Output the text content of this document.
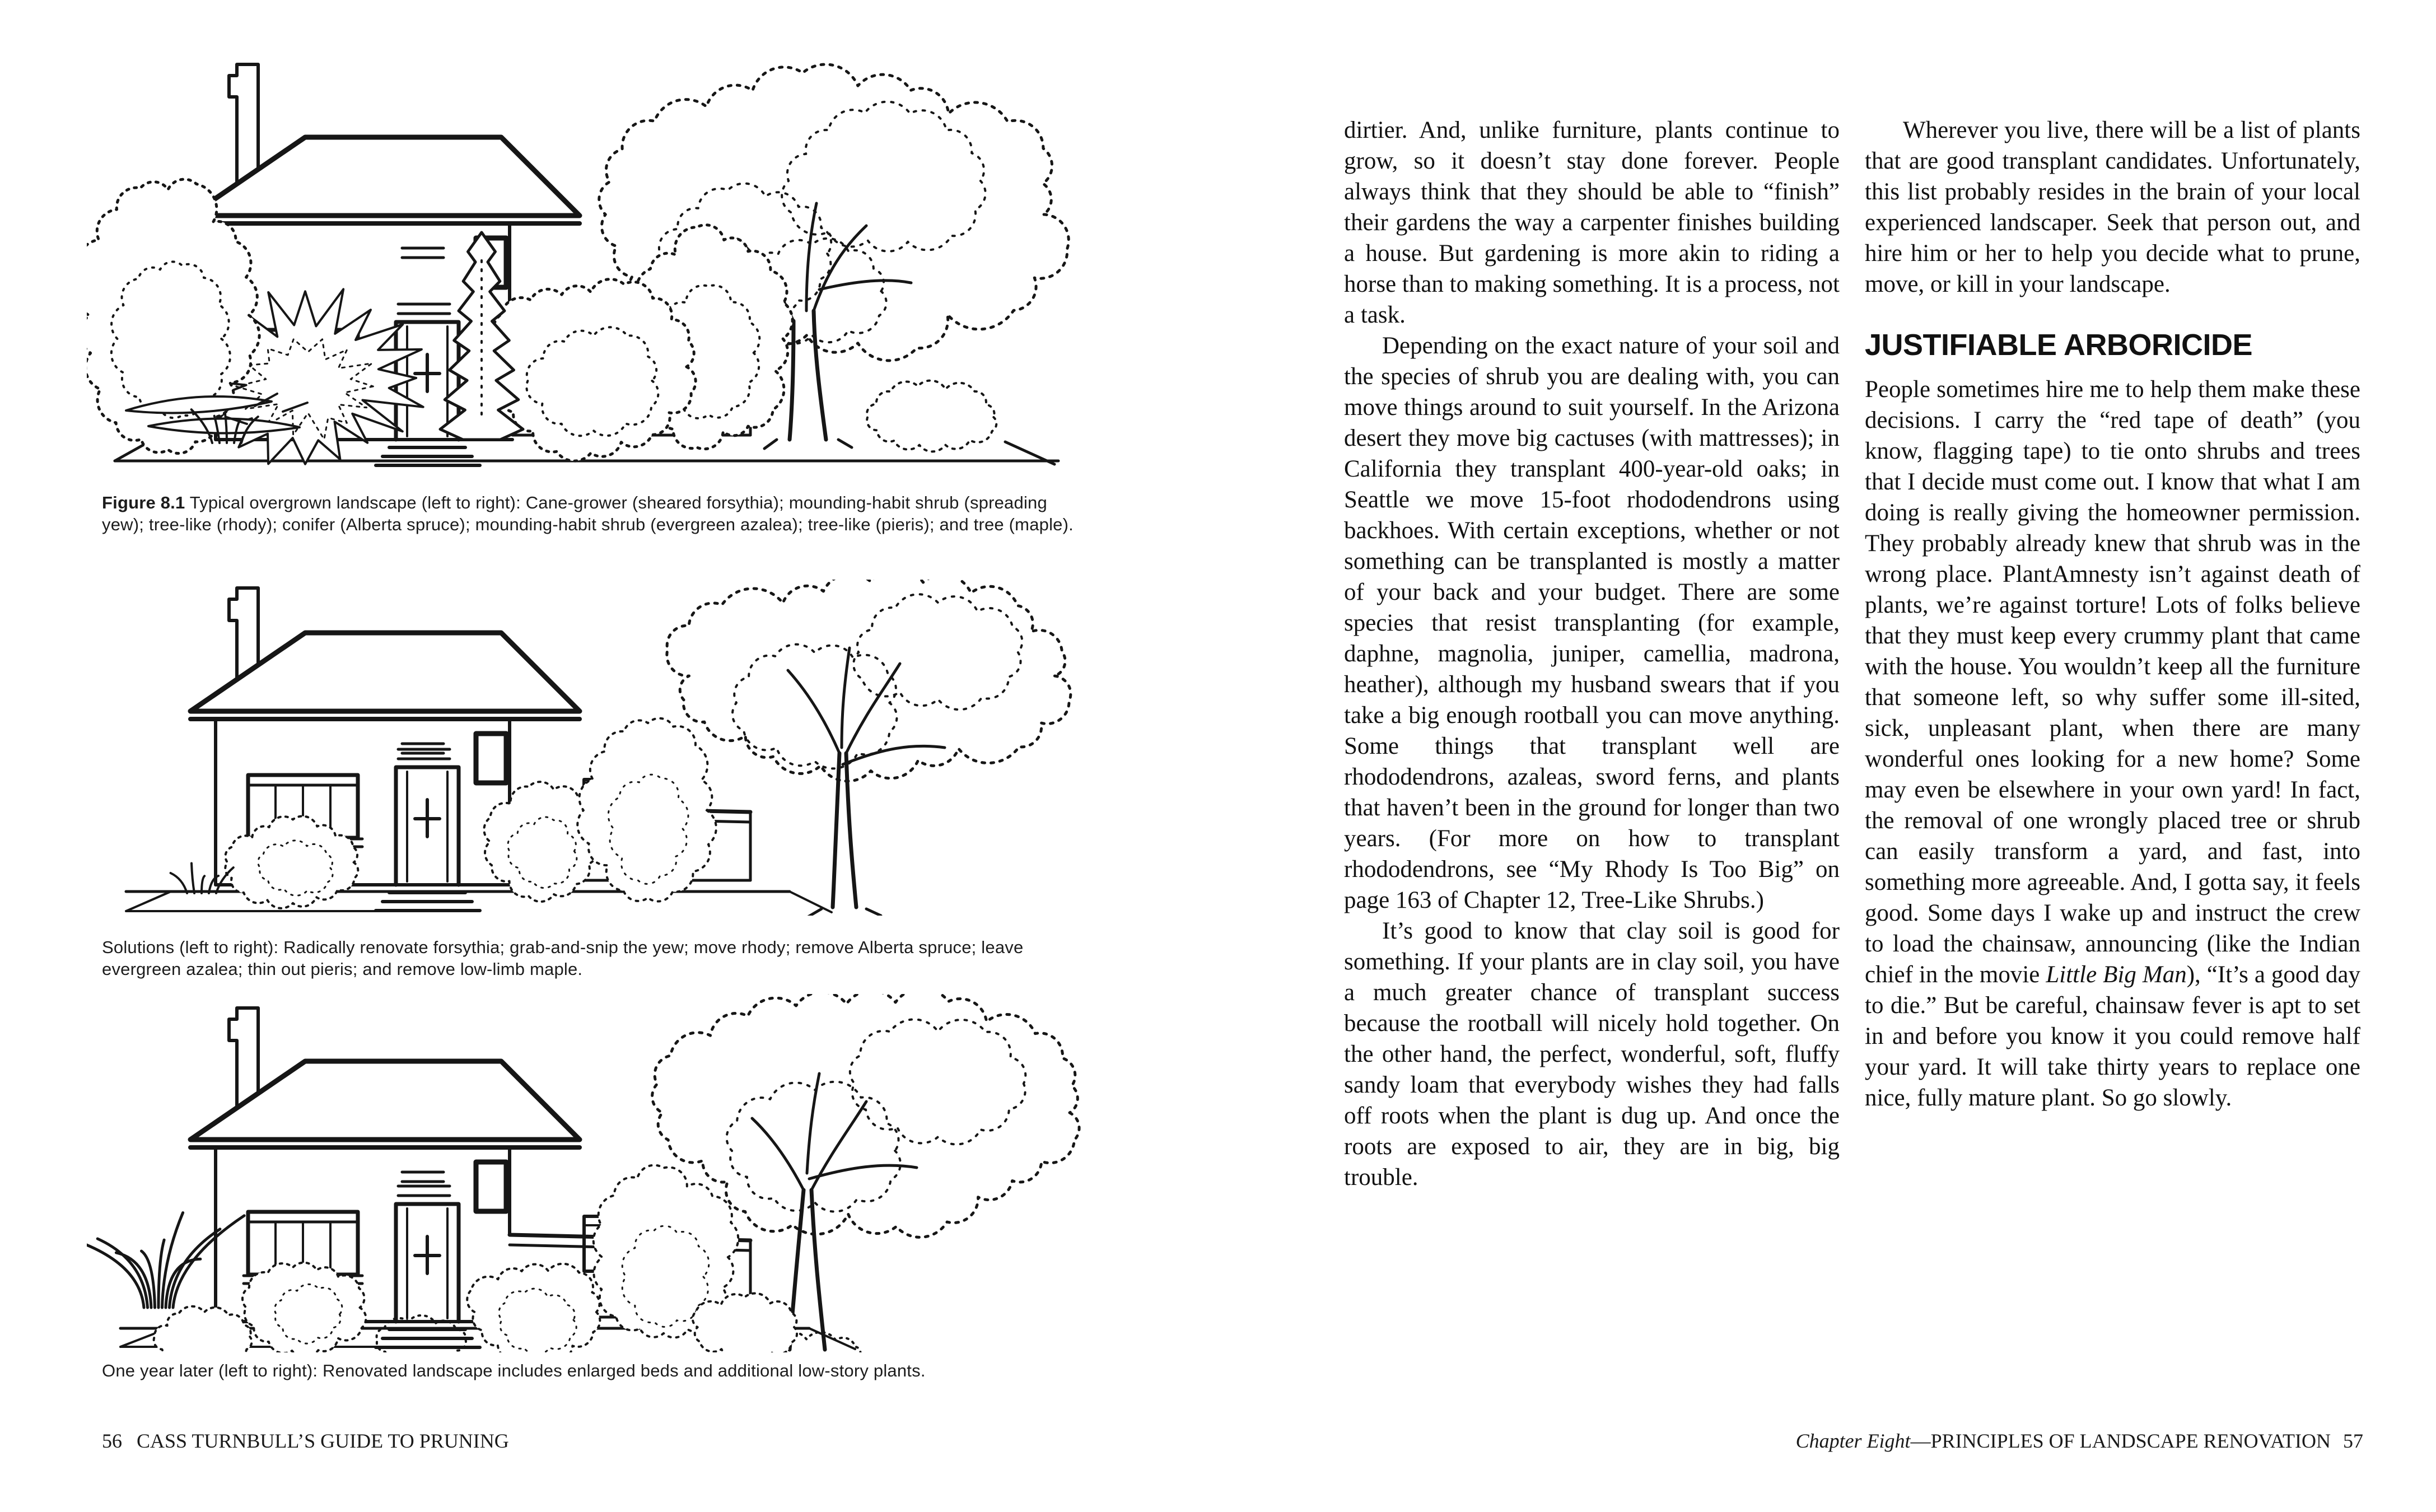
Figure 8.1 Typical overgrown landscape (left to right): Cane-grower (sheared forsythia); mounding-habit shrub (spreading yew); tree-like (rhody); conifer (Alberta spruce); mounding-habit shrub (evergreen azalea); tree-like (pieris); and tree (maple).
Solutions (left to right): Radically renovate forsythia; grab-and-snip the yew; move rhody; remove Alberta spruce; leave evergreen azalea; thin out pieris; and remove low-limb maple.
One year later (left to right): Renovated landscape includes enlarged beds and additional low-story plants.
56 CASS TURNBULL’S GUIDE TO PRUNING

dirtier. And, unlike furniture, plants continue to grow, so it doesn’t stay done forever. People always think that they should be able to “finish” their gardens the way a carpenter finishes building a house. But gardening is more akin to riding a horse than to making something. It is a process, not a task.

Depending on the exact nature of your soil and the species of shrub you are dealing with, you can move things around to suit yourself. In the Arizona desert they move big cactuses (with mattresses); in California they transplant 400-year-old oaks; in Seattle we move 15-foot rhododendrons using backhoes. With certain exceptions, whether or not something can be transplanted is mostly a matter of your back and your budget. There are some species that resist transplanting (for example, daphne, magnolia, juniper, camellia, madrona, heather), although my husband swears that if you take a big enough rootball you can move anything. Some things that transplant well are rhododendrons, azaleas, sword ferns, and plants that haven’t been in the ground for longer than two years. (For more on how to transplant rhododendrons, see “My Rhody Is Too Big” on page 163 of Chapter 12, Tree-Like Shrubs.)

It’s good to know that clay soil is good for something. If your plants are in clay soil, you have a much greater chance of transplant success because the rootball will nicely hold together. On the other hand, the perfect, wonderful, soft, fluffy sandy loam that everybody wishes they had falls off roots when the plant is dug up. And once the roots are exposed to air, they are in big, big trouble.

Wherever you live, there will be a list of plants that are good transplant candidates. Unfortunately, this list probably resides in the brain of your local experienced landscaper. Seek that person out, and hire him or her to help you decide what to prune, move, or kill in your landscape.

JUSTIFIABLE ARBORICIDE

People sometimes hire me to help them make these decisions. I carry the “red tape of death” (you know, flagging tape) to tie onto shrubs and trees that I decide must come out. I know that what I am doing is really giving the homeowner permission. They probably already knew that shrub was in the wrong place. PlantAmnesty isn’t against death of plants, we’re against torture! Lots of folks believe that they must keep every crummy plant that came with the house. You wouldn’t keep all the furniture that someone left, so why suffer some ill-sited, sick, unpleasant plant, when there are many wonderful ones looking for a new home? Some may even be elsewhere in your own yard! In fact, the removal of one wrongly placed tree or shrub can easily transform a yard, and fast, into something more agreeable. And, I gotta say, it feels good. Some days I wake up and instruct the crew to load the chainsaw, announcing (like the Indian chief in the movie Little Big Man), “It’s a good day to die.” But be careful, chainsaw fever is apt to set in and before you know it you could remove half your yard. It will take thirty years to replace one nice, fully mature plant. So go slowly.

Chapter Eight—PRINCIPLES OF LANDSCAPE RENOVATION 57
